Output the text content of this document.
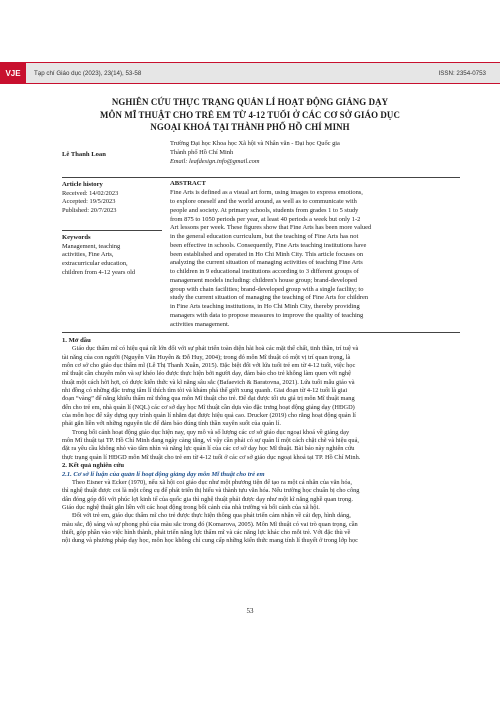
VJE	Tạp chí Giáo dục (2023), 23(14), 53-58	ISSN: 2354-0753
NGHIÊN CỨU THỰC TRẠNG QUẢN LÍ HOẠT ĐỘNG GIẢNG DẠY
MÔN MĨ THUẬT CHO TRẺ EM TỪ 4-12 TUỔI Ở CÁC CƠ SỞ GIÁO DỤC
NGOẠI KHOÁ TẠI THÀNH PHỐ HỒ CHÍ MINH
Lê Thanh Loan
Trường Đại học Khoa học Xã hội và Nhân văn - Đại học Quốc gia
Thành phố Hồ Chí Minh
Email: leafdesign.info@gmail.com
Article history
Received: 14/02/2023
Accepted: 19/5/2023
Published: 20/7/2023
Keywords
Management, teaching
activities, Fine Arts,
extracurricular education,
children from 4-12 years old
ABSTRACT
Fine Arts is defined as a visual art form, using images to express emotions,
to explore oneself and the world around, as well as to communicate with
people and society. At primary schools, students from grades 1 to 5 study
from 875 to 1050 periods per year, at least 40 periods a week but only 1-2
Art lessons per week. These figures show that Fine Arts has been more valued
in the general education curriculum, but the teaching of Fine Arts has not
been effective in schools. Consequently, Fine Arts teaching institutions have
been established and operated in Ho Chi Minh City. This article focuses on
analyzing the current situation of managing activities of teaching Fine Arts
to children in 9 educational institutions according to 3 different groups of
management models including: children's house group; brand-developed
group with chain facilities; brand-developed group with a single facility; to
study the current situation of managing the teaching of Fine Arts for children
in Fine Arts teaching institutions, in Ho Chi Minh City, thereby providing
managers with data to propose measures to improve the quality of teaching
activities management.
1. Mở đầu
Giáo dục thẩm mĩ có hiệu quả rất lớn đối với sự phát triển toàn diện hài hoà các mặt thể chất, tinh thần, trí tuệ và
tài năng của con người (Nguyễn Văn Huyên & Đỗ Huy, 2004); trong đó môn Mĩ thuật có một vị trí quan trọng, là
môn cơ sở cho giáo dục thẩm mĩ (Lê Thị Thanh Xuân, 2015). Đặc biệt đối với lứa tuổi trẻ em từ 4-12 tuổi, việc học
mĩ thuật cần chuyên môn và sự khéo léo được thực hiện bởi người dạy, đảm bảo cho trẻ không làm quen với nghệ
thuật một cách hời hợt, có được kiến thức và kĩ năng sâu sắc (Bafaevich & Baratovna, 2021). Lứa tuổi mẫu giáo và
nhi đồng có những đặc trưng tâm lí thích tìm tòi và khám phá thế giới xung quanh. Giai đoạn từ 4-12 tuổi là giai
đoạn “vàng” để năng khiếu thẩm mĩ thông qua môn Mĩ thuật cho trẻ. Để đạt được tối ưu giá trị môn Mĩ thuật mang
đến cho trẻ em, nhà quản lí (NQL) các cơ sở dạy học Mĩ thuật cần dựa vào đặc trưng hoạt động giảng dạy (HĐGD)
của môn học để xây dựng quy trình quản lí nhằm đạt được hiệu quả cao. Drucker (2019) cho rằng hoạt động quản lí
phải gắn liền với những nguyên tắc để đảm bảo đúng tính thần xuyên suốt của quản lí.
Trong bối cảnh hoạt động giáo dục hiện nay, quy mô và số lượng các cơ sở giáo dục ngoại khoá về giảng dạy
môn Mĩ thuật tại TP. Hồ Chí Minh đang ngày càng tăng, vì vậy cần phải có sự quản lí một cách chặt chẽ và hiệu quả,
đặt ra yêu cầu không nhỏ vào tầm nhìn và năng lực quản lí của các cơ sở dạy học Mĩ thuật. Bài báo này nghiên cứu
thực trạng quản lí HĐGD môn Mĩ thuật cho trẻ em từ 4-12 tuổi ở các cơ sở giáo dục ngoại khoá tại TP. Hồ Chí Minh.
2. Kết quả nghiên cứu
2.1. Cơ sở lí luận của quản lí hoạt động giảng dạy môn Mĩ thuật cho trẻ em
Theo Eisner và Ecker (1970), nếu xã hội coi giáo dục như một phương tiện để tạo ra một cá nhân của văn hóa,
thì nghệ thuật được coi là một công cụ để phát triển thị hiếu và thành tựu văn hóa. Nếu trường học chuẩn bị cho công
dân đóng góp đối với phúc lợi kinh tế của quốc gia thì nghệ thuật phải được dạy như một kĩ năng nghề quan trọng.
Giáo dục nghệ thuật gắn liền với các hoạt động trong bối cảnh của nhà trường và bối cảnh của xã hội.
Đối với trẻ em, giáo dục thẩm mĩ cho trẻ được thực hiện thông qua phát triển cảm nhận về cái đẹp, hình dáng,
màu sắc, độ sáng và sự phong phú của màu sắc trong đó (Komarova, 2005). Môn Mĩ thuật có vai trò quan trọng, cần
thiết, góp phần vào việc hình thành, phát triển năng lực thẩm mĩ và các năng lực khác cho mỗi trẻ. Với đặc thù về
nội dung và phương pháp dạy học, môn học không chỉ cung cấp những kiến thức mang tính lí thuyết ở trong lớp học
53
